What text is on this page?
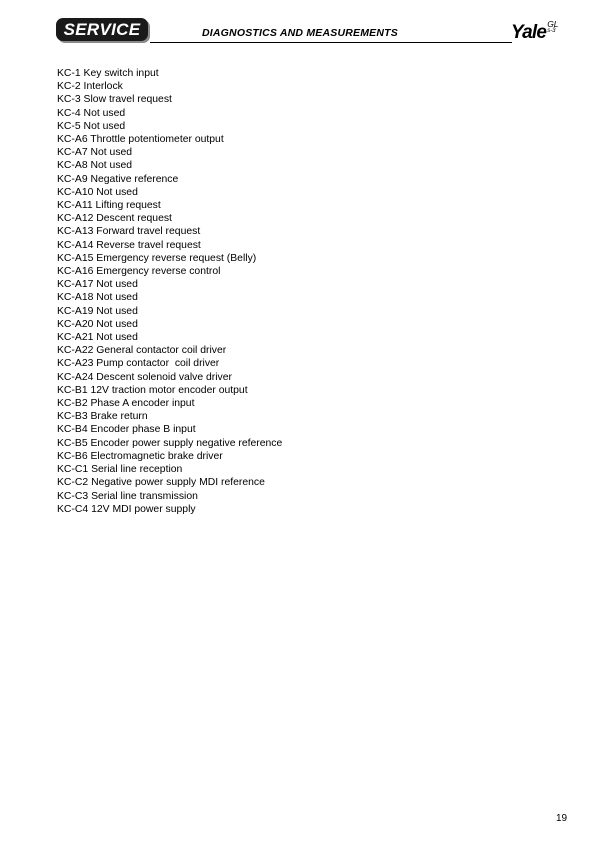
SERVICE	DIAGNOSTICS AND MEASUREMENTS	YaleGL
s-3
KC-1 Key switch input
KC-2 Interlock
KC-3 Slow travel request
KC-4 Not used
KC-5 Not used
KC-A6 Throttle potentiometer output
KC-A7 Not used
KC-A8 Not used
KC-A9 Negative reference
KC-A10 Not used
KC-A11 Lifting request
KC-A12 Descent request
KC-A13 Forward travel request
KC-A14 Reverse travel request
KC-A15 Emergency reverse request (Belly)
KC-A16 Emergency reverse control
KC-A17 Not used
KC-A18 Not used
KC-A19 Not used
KC-A20 Not used
KC-A21 Not used
KC-A22 General contactor coil driver
KC-A23 Pump contactor  coil driver
KC-A24 Descent solenoid valve driver
KC-B1 12V traction motor encoder output
KC-B2 Phase A encoder input
KC-B3 Brake return
KC-B4 Encoder phase B input
KC-B5 Encoder power supply negative reference
KC-B6 Electromagnetic brake driver
KC-C1 Serial line reception
KC-C2 Negative power supply MDI reference
KC-C3 Serial line transmission
KC-C4 12V MDI power supply
19
